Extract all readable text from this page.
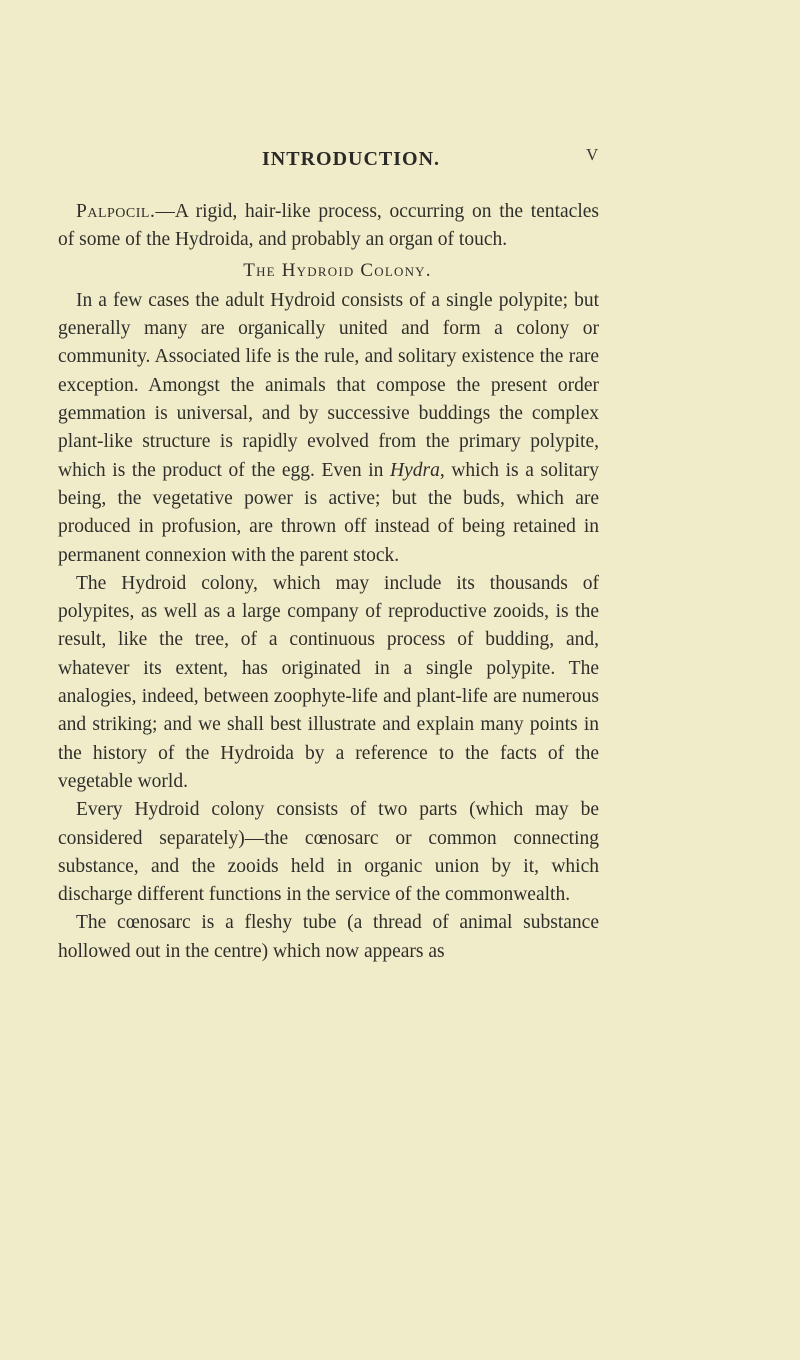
INTRODUCTION.	V

Palpocil.—A rigid, hair-like process, occurring on the tentacles of some of the Hydroida, and probably an organ of touch.

The Hydroid Colony.

In a few cases the adult Hydroid consists of a single polypite; but generally many are organically united and form a colony or community. Associated life is the rule, and solitary existence the rare exception. Amongst the animals that compose the present order gemmation is universal, and by successive buddings the complex plant-like structure is rapidly evolved from the primary polypite, which is the product of the egg. Even in Hydra, which is a solitary being, the vegetative power is active; but the buds, which are produced in profusion, are thrown off instead of being retained in permanent connexion with the parent stock.

The Hydroid colony, which may include its thousands of polypites, as well as a large company of reproductive zooids, is the result, like the tree, of a continuous process of budding, and, whatever its extent, has originated in a single polypite. The analogies, indeed, between zoophyte-life and plant-life are numerous and striking; and we shall best illustrate and explain many points in the history of the Hydroida by a reference to the facts of the vegetable world.

Every Hydroid colony consists of two parts (which may be considered separately)—the cœnosarc or common connecting substance, and the zooids held in organic union by it, which discharge different functions in the service of the commonwealth.

The cœnosarc is a fleshy tube (a thread of animal substance hollowed out in the centre) which now appears as
